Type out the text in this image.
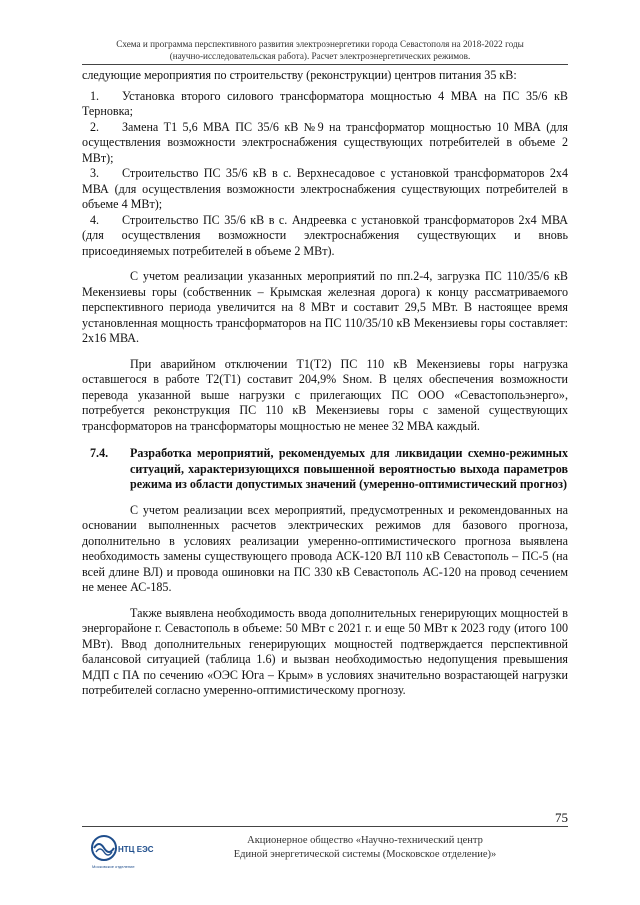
Схема и программа перспективного развития электроэнергетики города Севастополя на 2018-2022 годы
(научно-исследовательская работа). Расчет электроэнергетических режимов.

следующие мероприятия по строительству (реконструкции) центров питания 35 кВ:

1. Установка второго силового трансформатора мощностью 4 МВА на ПС 35/6 кВ Терновка;
2. Замена Т1 5,6 МВА ПС 35/6 кВ №9 на трансформатор мощностью 10 МВА (для осуществления возможности электроснабжения существующих потребителей в объеме 2 МВт);
3. Строительство ПС 35/6 кВ в с. Верхнесадовое с установкой трансформаторов 2х4 МВА (для осуществления возможности электроснабжения существующих потребителей в объеме 4 МВт);
4. Строительство ПС 35/6 кВ в с. Андреевка с установкой трансформаторов 2х4 МВА (для осуществления возможности электроснабжения существующих и вновь присоединяемых потребителей в объеме 2 МВт).

С учетом реализации указанных мероприятий по пп.2-4, загрузка ПС 110/35/6 кВ Мекензиевы горы (собственник – Крымская железная дорога) к концу рассматриваемого перспективного периода увеличится на 8 МВт и составит 29,5 МВт. В настоящее время установленная мощность трансформаторов на ПС 110/35/10 кВ Мекензиевы горы составляет: 2х16 МВА.

При аварийном отключении Т1(Т2) ПС 110 кВ Мекензиевы горы нагрузка оставшегося в работе Т2(Т1) составит 204,9% Sном. В целях обеспечения возможности перевода указанной выше нагрузки с прилегающих ПС ООО «Севастопольэнерго», потребуется реконструкция ПС 110 кВ Мекензиевы горы с заменой существующих трансформаторов на трансформаторы мощностью не менее 32 МВА каждый.

7.4.	Разработка мероприятий, рекомендуемых для ликвидации схемно-режимных ситуаций, характеризующихся повышенной вероятностью выхода параметров режима из области допустимых значений (умеренно-оптимистический прогноз)

С учетом реализации всех мероприятий, предусмотренных и рекомендованных на основании выполненных расчетов электрических режимов для базового прогноза, дополнительно в условиях реализации умеренно-оптимистического прогноза выявлена необходимость замены существующего провода АСК-120 ВЛ 110 кВ Севастополь – ПС-5 (на всей длине ВЛ) и провода ошиновки на ПС 330 кВ Севастополь АС-120 на провод сечением не менее АС-185.

Также выявлена необходимость ввода дополнительных генерирующих мощностей в энергорайоне г. Севастополь в объеме: 50 МВт с 2021 г. и еще 50 МВт к 2023 году (итого 100 МВт). Ввод дополнительных генерирующих мощностей подтверждается перспективной балансовой ситуацией (таблица 1.6) и вызван необходимостью недопущения превышения МДП с ПА по сечению «ОЭС Юга – Крым» в условиях значительно возрастающей нагрузки потребителей согласно умеренно-оптимистическому прогнозу.

75
НТЦ ЕЭС
Московское отделение
Акционерное общество «Научно-технический центр
Единой энергетической системы (Московское отделение)»
